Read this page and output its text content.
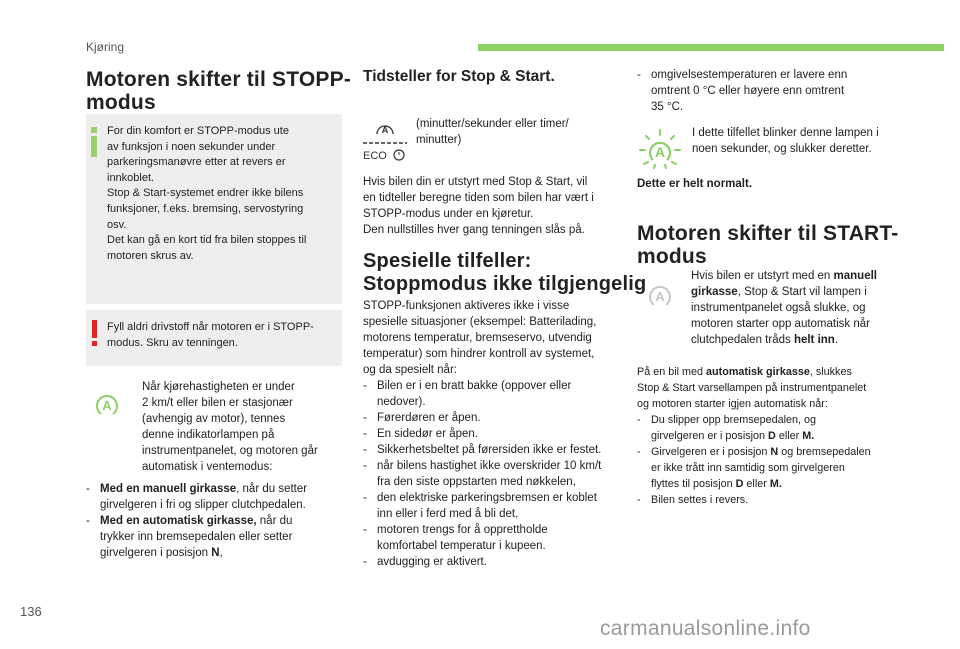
Kjøring
Motoren skifter til STOPP-
modus
For din komfort er STOPP-modus ute
av funksjon i noen sekunder under
parkeringsmanøvre etter at revers er
innkoblet.
Stop & Start-systemet endrer ikke bilens
funksjoner, f.eks. bremsing, servostyring
osv.
Det kan gå en kort tid fra bilen stoppes til
motoren skrus av.
Fyll aldri drivstoff når motoren er i STOPP-
modus. Skru av tenningen.
A
Når kjørehastigheten er under
2 km/t eller bilen er stasjonær
(avhengig av motor), tennes
denne indikatorlampen på
instrumentpanelet, og motoren går
automatisk i ventemodus:
- Med en manuell girkasse, når du setter
girvelgeren i fri og slipper clutchpedalen.
- Med en automatisk girkasse, når du
trykker inn bremsepedalen eller setter
girvelgeren i posisjon N,
Tidsteller for Stop & Start.
A
ECO
(minutter/sekunder eller timer/
minutter)
Hvis bilen din er utstyrt med Stop & Start, vil
en tidteller beregne tiden som bilen har vært i
STOPP-modus under en kjøretur.
Den nullstilles hver gang tenningen slås på.
Spesielle tilfeller:
Stoppmodus ikke tilgjengelig
STOPP-funksjonen aktiveres ikke i visse
spesielle situasjoner (eksempel: Batterilading,
motorens temperatur, bremseservo, utvendig
temperatur) som hindrer kontroll av systemet,
og da spesielt når:
- Bilen er i en bratt bakke (oppover eller
nedover).
- Førerdøren er åpen.
- En sidedør er åpen.
- Sikkerhetsbeltet på førersiden ikke er festet.
- når bilens hastighet ikke overskrider 10 km/t
fra den siste oppstarten med nøkkelen,
- den elektriske parkeringsbremsen er koblet
inn eller i ferd med å bli det,
- motoren trengs for å opprettholde
komfortabel temperatur i kupeen.
- avdugging er aktivert.
- omgivelsestemperaturen er lavere enn
omtrent 0 °C eller høyere enn omtrent
35 °C.
A
I dette tilfellet blinker denne lampen i
noen sekunder, og slukker deretter.
Dette er helt normalt.
Motoren skifter til START-
modus
A
Hvis bilen er utstyrt med en manuell
girkasse, Stop & Start vil lampen i
instrumentpanelet også slukke, og
motoren starter opp automatisk når
clutchpedalen tråds helt inn.
På en bil med automatisk girkasse, slukkes
Stop & Start varsellampen på instrumentpanelet
og motoren starter igjen automatisk når:
- Du slipper opp bremsepedalen, og
girvelgeren er i posisjon D eller M.
- Girvelgeren er i posisjon N og bremsepedalen
er ikke trått inn samtidig som girvelgeren
flyttes til posisjon D eller M.
- Bilen settes i revers.
136
carmanualsonline.info
